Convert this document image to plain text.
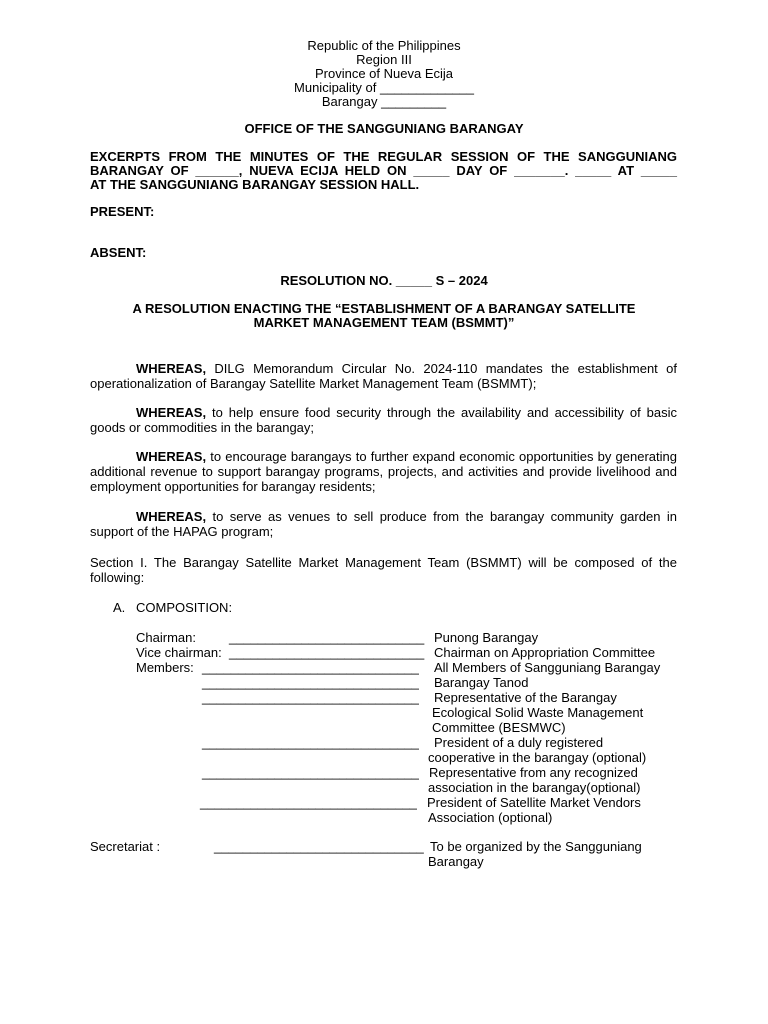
Republic of the Philippines
Region III
Province of Nueva Ecija
Municipality of _____________
Barangay _________
OFFICE OF THE SANGGUNIANG BARANGAY
EXCERPTS FROM THE MINUTES OF THE REGULAR SESSION OF THE SANGGUNIANG
BARANGAY OF ______, NUEVA ECIJA HELD ON _____ DAY OF _______. _____ AT _____
AT THE SANGGUNIANG BARANGAY SESSION HALL.
PRESENT:
ABSENT:
RESOLUTION NO. _____ S – 2024
A RESOLUTION ENACTING THE “ESTABLISHMENT OF A BARANGAY SATELLITE
MARKET MANAGEMENT TEAM (BSMMT)”
WHEREAS, DILG Memorandum Circular No. 2024-110 mandates the establishment of operationalization of Barangay Satellite Market Management Team (BSMMT);
WHEREAS, to help ensure food security through the availability and accessibility of basic goods or commodities in the barangay;
WHEREAS, to encourage barangays to further expand economic opportunities by generating additional revenue to support barangay programs, projects, and activities and provide livelihood and employment opportunities for barangay residents;
WHEREAS, to serve as venues to sell produce from the barangay community garden in support of the HAPAG program;
Section I. The Barangay Satellite Market Management Team (BSMMT) will be composed of the following:
A. COMPOSITION:
Chairman:	___________________________ Punong Barangay
Vice chairman: ___________________________ Chairman on Appropriation Committee
Members: ______________________________ All Members of Sangguniang Barangay
______________________________ Barangay Tanod
______________________________ Representative of the Barangay
Ecological Solid Waste Management
Committee (BESMWC)
______________________________ President of a duly registered
cooperative in the barangay (optional)
______________________________ Representative from any recognized
association in the barangay(optional)
______________________________ President of Satellite Market Vendors
Association (optional)
Secretariat :	_____________________________ To be organized by the Sangguniang
Barangay
